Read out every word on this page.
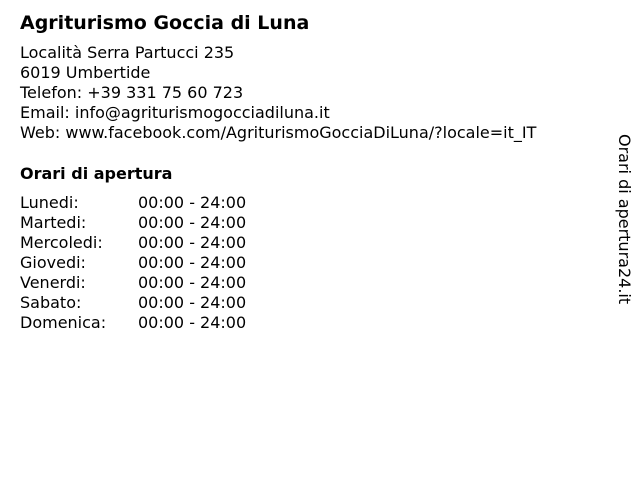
Agriturismo Goccia di Luna
Località Serra Partucci 235
6019 Umbertide
Telefon: +39 331 75 60 723
Email: info@agriturismogocciadiluna.it
Web: www.facebook.com/AgriturismoGocciaDiLuna/?locale=it_IT
Orari di apertura
Lunedi:	00:00 - 24:00
Martedi:	00:00 - 24:00
Mercoledi: 00:00 - 24:00
Giovedi:	00:00 - 24:00
Venerdi:	00:00 - 24:00
Sabato:	00:00 - 24:00
Domenica: 00:00 - 24:00
Orari di apertura24.it
